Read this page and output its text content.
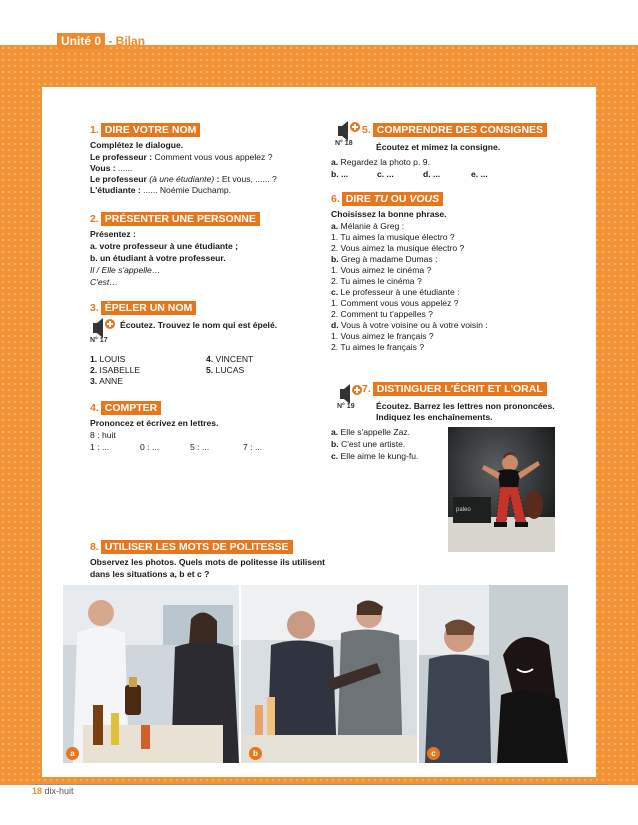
Unité 0 - Bilan
1. DIRE VOTRE NOM
Complétez le dialogue.
Le professeur : Comment vous vous appelez ?
Vous : ......
Le professeur (à une étudiante) : Et vous, ...... ?
L'étudiante : ...... Noémie Duchamp.
2. PRÉSENTER UNE PERSONNE
Présentez :
a. votre professeur à une étudiante ;
b. un étudiant à votre professeur.
Il / Elle s'appelle…
C'est…
3. ÉPELER UN NOM
N° 17
Écoutez. Trouvez le nom qui est épelé.
1. LOUIS
2. ISABELLE
3. ANNE
4. VINCENT
5. LUCAS
4. COMPTER
Prononcez et écrivez en lettres.
8 : huit
1 : ...	0 : ...	5 : ...	7 : ...
N° 18
5. COMPRENDRE DES CONSIGNES
Écoutez et mimez la consigne.
a. Regardez la photo p. 9.
b. ...	c. ...	d. ...	e. ...
6. DIRE TU OU VOUS
Choisissez la bonne phrase.
a. Mélanie à Greg :
1. Tu aimes la musique électro ?
2. Vous aimez la musique électro ?
b. Greg à madame Dumas :
1. Vous aimez le cinéma ?
2. Tu aimes le cinéma ?
c. Le professeur à une étudiante :
1. Comment vous vous appelez ?
2. Comment tu t'appelles ?
d. Vous à votre voisine ou à votre voisin :
1. Vous aimez le français ?
2. Tu aimes le français ?
N° 19
7. DISTINGUER L'ÉCRIT ET L'ORAL
Écoutez. Barrez les lettres non prononcées.
Indiquez les enchaînements.
a. Elle s'appelle Zaz.
b. C'est une artiste.
c. Elle aime le kung-fu.
paleo
8. UTILISER LES MOTS DE POLITESSE
Observez les photos. Quels mots de politesse ils utilisent
dans les situations a, b et c ?
a	b	c
18 dix-huit
